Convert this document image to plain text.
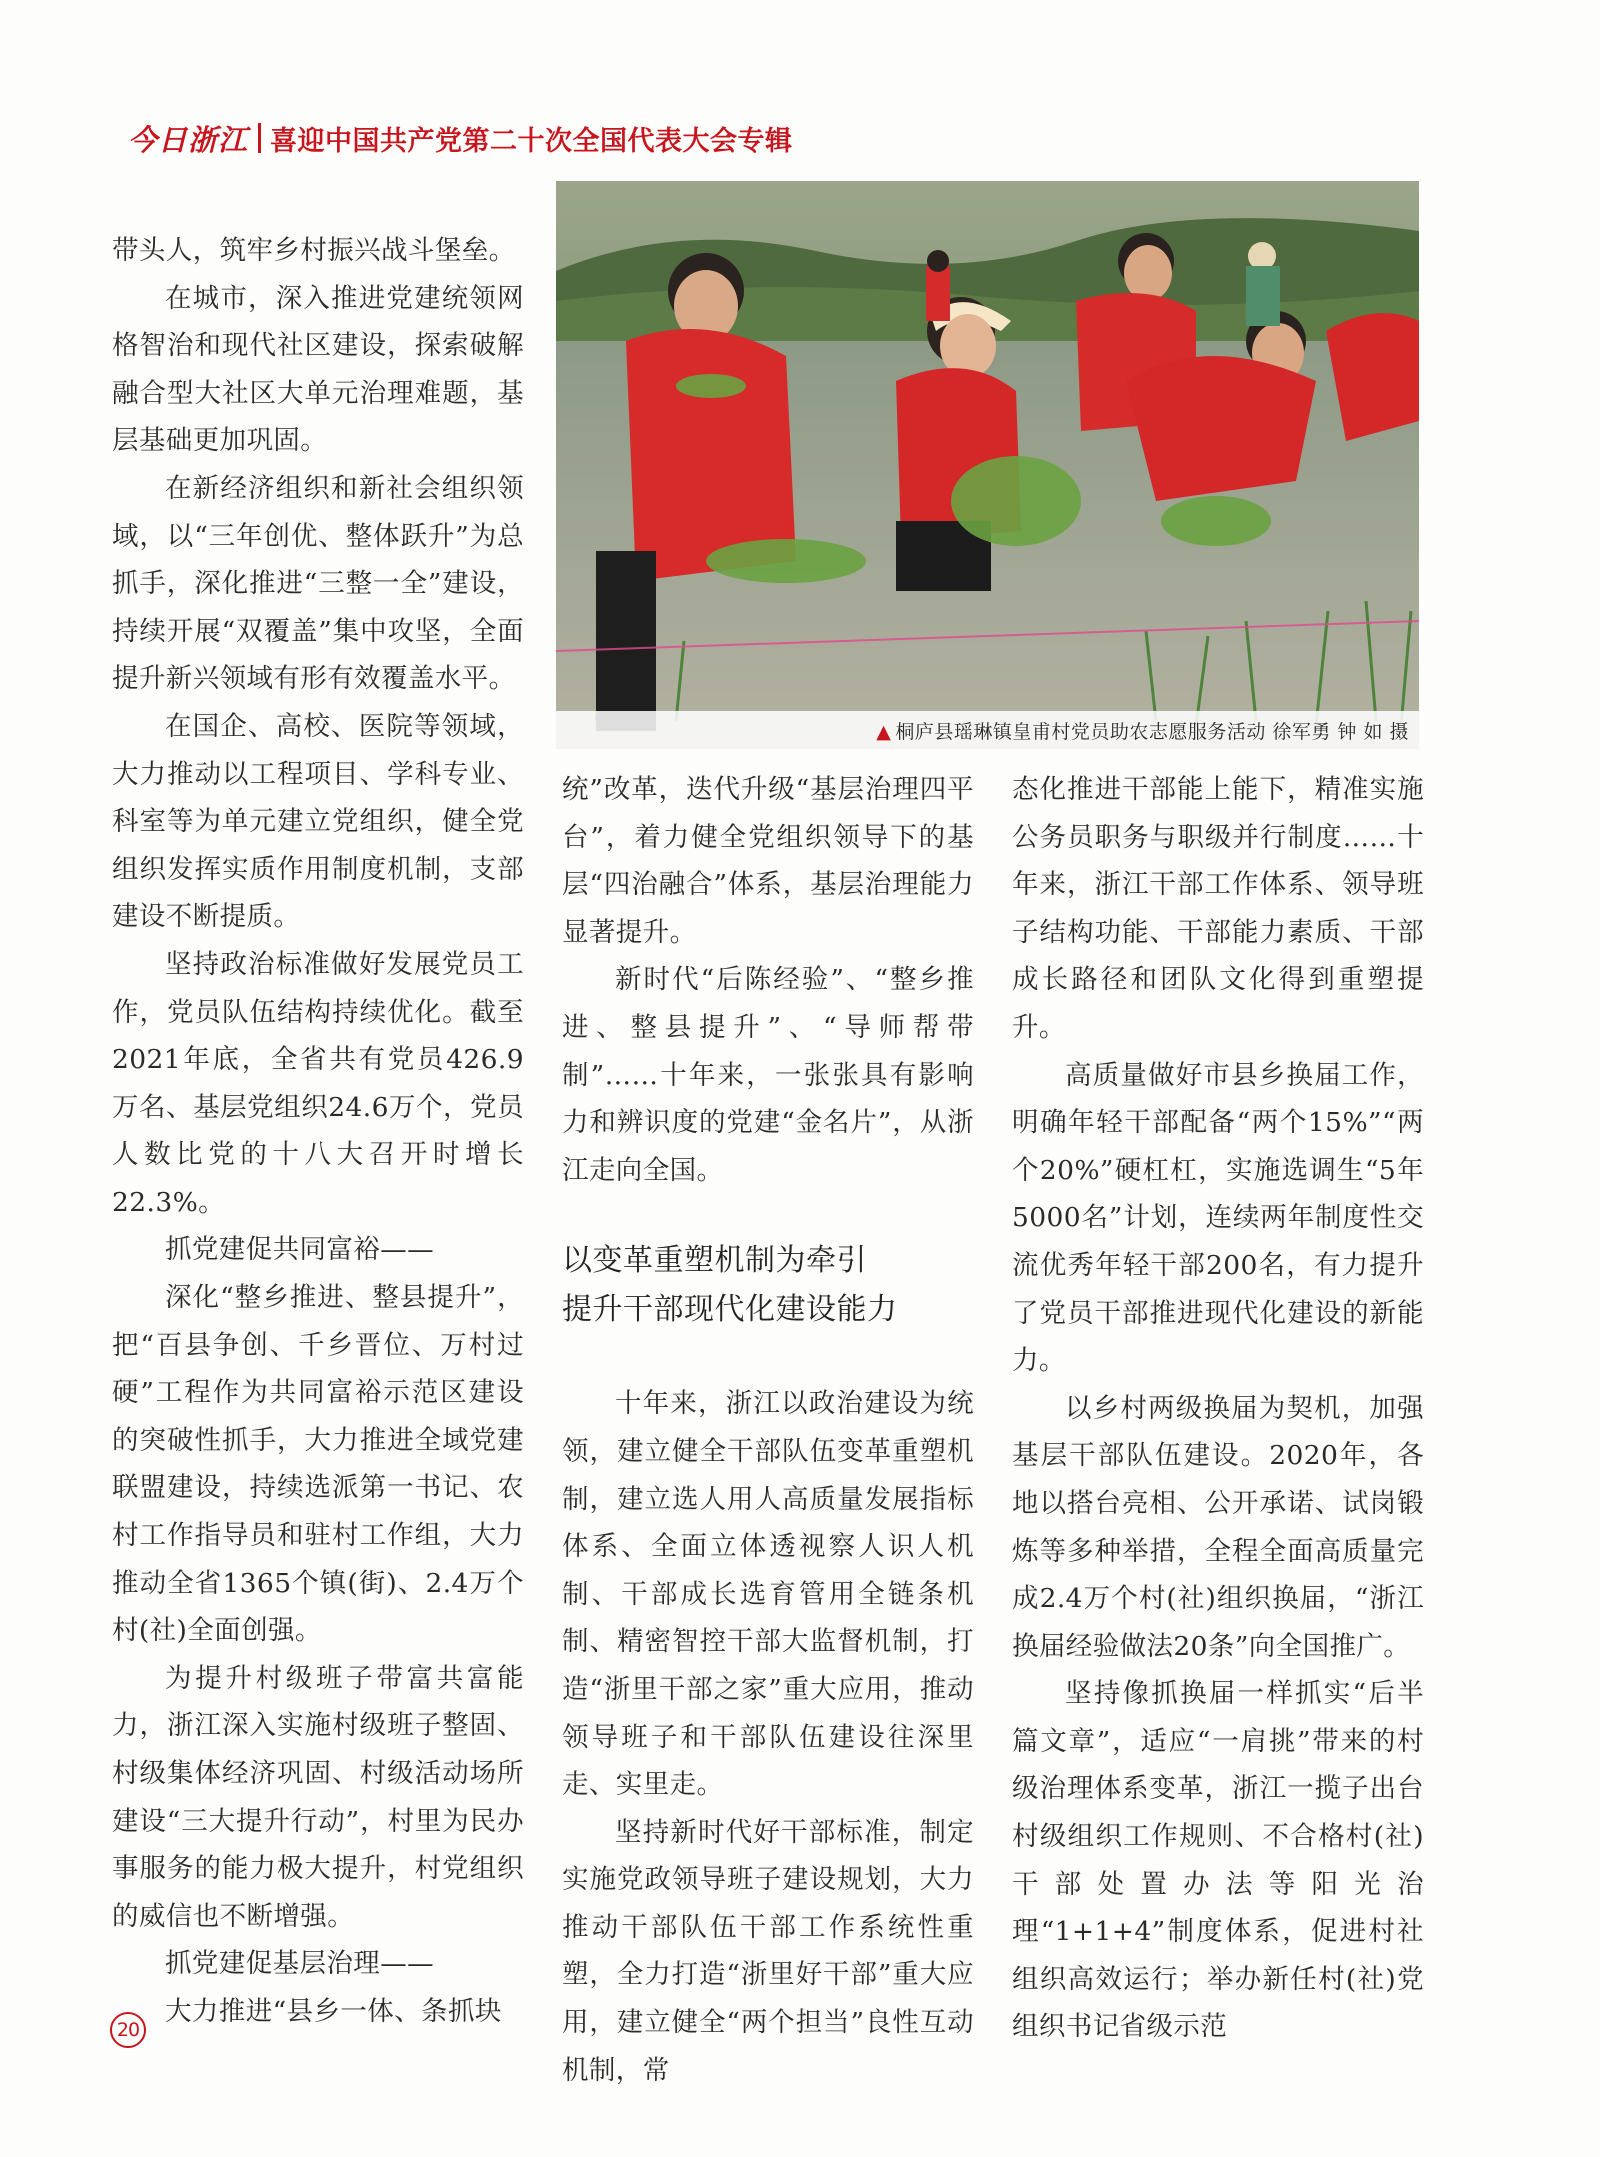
今日浙江 喜迎中国共产党第二十次全国代表大会专辑
▲ 桐庐县瑶琳镇皇甫村党员助农志愿服务活动 徐军勇 钟 如 摄

带头人，筑牢乡村振兴战斗堡垒。

在城市，深入推进党建统领网格智治和现代社区建设，探索破解融合型大社区大单元治理难题，基层基础更加巩固。

在新经济组织和新社会组织领域，以“三年创优、整体跃升”为总抓手，深化推进“三整一全”建设，持续开展“双覆盖”集中攻坚，全面提升新兴领域有形有效覆盖水平。

在国企、高校、医院等领域，大力推动以工程项目、学科专业、科室等为单元建立党组织，健全党组织发挥实质作用制度机制，支部建设不断提质。

坚持政治标准做好发展党员工作，党员队伍结构持续优化。截至2021年底，全省共有党员426.9万名、基层党组织24.6万个，党员人数比党的十八大召开时增长22.3%。

抓党建促共同富裕——

深化“整乡推进、整县提升”，把“百县争创、千乡晋位、万村过硬”工程作为共同富裕示范区建设的突破性抓手，大力推进全域党建联盟建设，持续选派第一书记、农村工作指导员和驻村工作组，大力推动全省1365个镇(街)、2.4万个村(社)全面创强。

为提升村级班子带富共富能力，浙江深入实施村级班子整固、村级集体经济巩固、村级活动场所建设“三大提升行动”，村里为民办事服务的能力极大提升，村党组织的威信也不断增强。

抓党建促基层治理——

大力推进“县乡一体、条抓块

统”改革，迭代升级“基层治理四平台”，着力健全党组织领导下的基层“四治融合”体系，基层治理能力显著提升。

新时代“后陈经验”、“整乡推进、整县提升”、“导师帮带制”……十年来，一张张具有影响力和辨识度的党建“金名片”，从浙江走向全国。

以变革重塑机制为牵引
提升干部现代化建设能力

十年来，浙江以政治建设为统领，建立健全干部队伍变革重塑机制，建立选人用人高质量发展指标体系、全面立体透视察人识人机制、干部成长选育管用全链条机制、精密智控干部大监督机制，打造“浙里干部之家”重大应用，推动领导班子和干部队伍建设往深里走、实里走。

坚持新时代好干部标准，制定实施党政领导班子建设规划，大力推动干部队伍干部工作系统性重塑，全力打造“浙里好干部”重大应用，建立健全“两个担当”良性互动机制，常

态化推进干部能上能下，精准实施公务员职务与职级并行制度……十年来，浙江干部工作体系、领导班子结构功能、干部能力素质、干部成长路径和团队文化得到重塑提升。

高质量做好市县乡换届工作，明确年轻干部配备“两个15%”“两个20%”硬杠杠，实施选调生“5年5000名”计划，连续两年制度性交流优秀年轻干部200名，有力提升了党员干部推进现代化建设的新能力。

以乡村两级换届为契机，加强基层干部队伍建设。2020年，各地以搭台亮相、公开承诺、试岗锻炼等多种举措，全程全面高质量完成2.4万个村(社)组织换届，“浙江换届经验做法20条”向全国推广。

坚持像抓换届一样抓实“后半篇文章”，适应“一肩挑”带来的村级治理体系变革，浙江一揽子出台村级组织工作规则、不合格村(社)干部处置办法等阳光治理“1+1+4”制度体系，促进村社组织高效运行；举办新任村(社)党组织书记省级示范

20
